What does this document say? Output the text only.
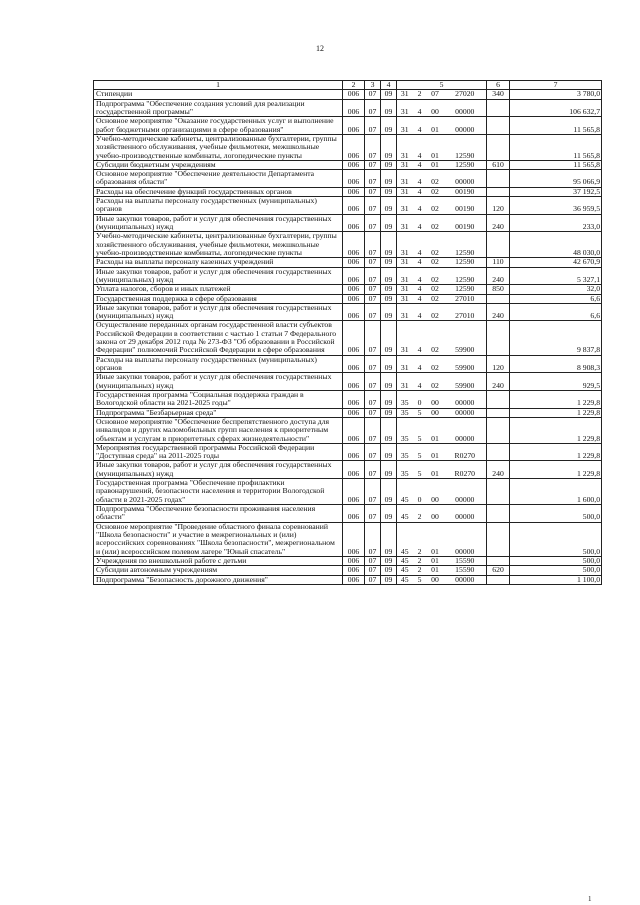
12
1	2	3	4	5				6	7
Стипендии	006	07	09	31	2	07	27020	340	3 780,0
Подпрограмма "Обеспечение создания условий для реализации государственной программы"	006	07	09	31	4	00	00000		106 632,7
Основное мероприятие "Оказание государственных услуг и выполнение работ бюджетными организациями в сфере образования"	006	07	09	31	4	01	00000		11 565,8
Учебно-методические кабинеты, централизованные бухгалтерии, группы хозяйственного обслуживания, учебные фильмотеки, межшкольные учебно-производственные комбинаты, логопедические пункты	006	07	09	31	4	01	12590		11 565,8
Субсидии бюджетным учреждениям	006	07	09	31	4	01	12590	610	11 565,8
Основное мероприятие "Обеспечение деятельности Департамента образования области"	006	07	09	31	4	02	00000		95 066,9
Расходы на обеспечение функций государственных органов	006	07	09	31	4	02	00190		37 192,5
Расходы на выплаты персоналу государственных (муниципальных) органов	006	07	09	31	4	02	00190	120	36 959,5
Иные закупки товаров, работ и услуг для обеспечения государственных (муниципальных) нужд	006	07	09	31	4	02	00190	240	233,0
Учебно-методические кабинеты, централизованные бухгалтерии, группы хозяйственного обслуживания, учебные фильмотеки, межшкольные учебно-производственные комбинаты, логопедические пункты	006	07	09	31	4	02	12590		48 030,0
Расходы на выплаты персоналу казенных учреждений	006	07	09	31	4	02	12590	110	42 670,9
Иные закупки товаров, работ и услуг для обеспечения государственных (муниципальных) нужд	006	07	09	31	4	02	12590	240	5 327,1
Уплата налогов, сборов и иных платежей	006	07	09	31	4	02	12590	850	32,0
Государственная поддержка в сфере образования	006	07	09	31	4	02	27010		6,6
Иные закупки товаров, работ и услуг для обеспечения государственных (муниципальных) нужд	006	07	09	31	4	02	27010	240	6,6
Осуществление переданных органам государственной власти субъектов Российской Федерации в соответствии с частью 1 статьи 7 Федерального закона от 29 декабря 2012 года № 273-ФЗ "Об образовании в Российской Федерации" полномочий Российской Федерации в сфере образования	006	07	09	31	4	02	59900		9 837,8
Расходы на выплаты персоналу государственных (муниципальных) органов	006	07	09	31	4	02	59900	120	8 908,3
Иные закупки товаров, работ и услуг для обеспечения государственных (муниципальных) нужд	006	07	09	31	4	02	59900	240	929,5
Государственная программа "Социальная поддержка граждан в Вологодской области на 2021-2025 годы"	006	07	09	35	0	00	00000		1 229,8
Подпрограмма "Безбарьерная среда"	006	07	09	35	5	00	00000		1 229,8
Основное мероприятие "Обеспечение беспрепятственного доступа для инвалидов и других маломобильных групп населения к приоритетным объектам и услугам в приоритетных сферах жизнедеятельности"	006	07	09	35	5	01	00000		1 229,8
Мероприятия государственной программы Российской Федерации "Доступная среда" на 2011-2025 годы	006	07	09	35	5	01	R0270		1 229,8
Иные закупки товаров, работ и услуг для обеспечения государственных (муниципальных) нужд	006	07	09	35	5	01	R0270	240	1 229,8
Государственная программа "Обеспечение профилактики правонарушений, безопасности населения и территории Вологодской области в 2021-2025 годах"	006	07	09	45	0	00	00000		1 600,0
Подпрограмма "Обеспечение безопасности проживания населения области"	006	07	09	45	2	00	00000		500,0
Основное мероприятие "Проведение областного финала соревнований "Школа безопасности" и участие в межрегиональных и (или) всероссийских соревнованиях "Школа безопасности", межрегиональном и (или) всероссийском полевом лагере "Юный спасатель"	006	07	09	45	2	01	00000		500,0
Учреждения по внешкольной работе с детьми	006	07	09	45	2	01	15590		500,0
Субсидии автономным учреждениям	006	07	09	45	2	01	15590	620	500,0
Подпрограмма "Безопасность дорожного движения"	006	07	09	45	5	00	00000		1 100,0
1
